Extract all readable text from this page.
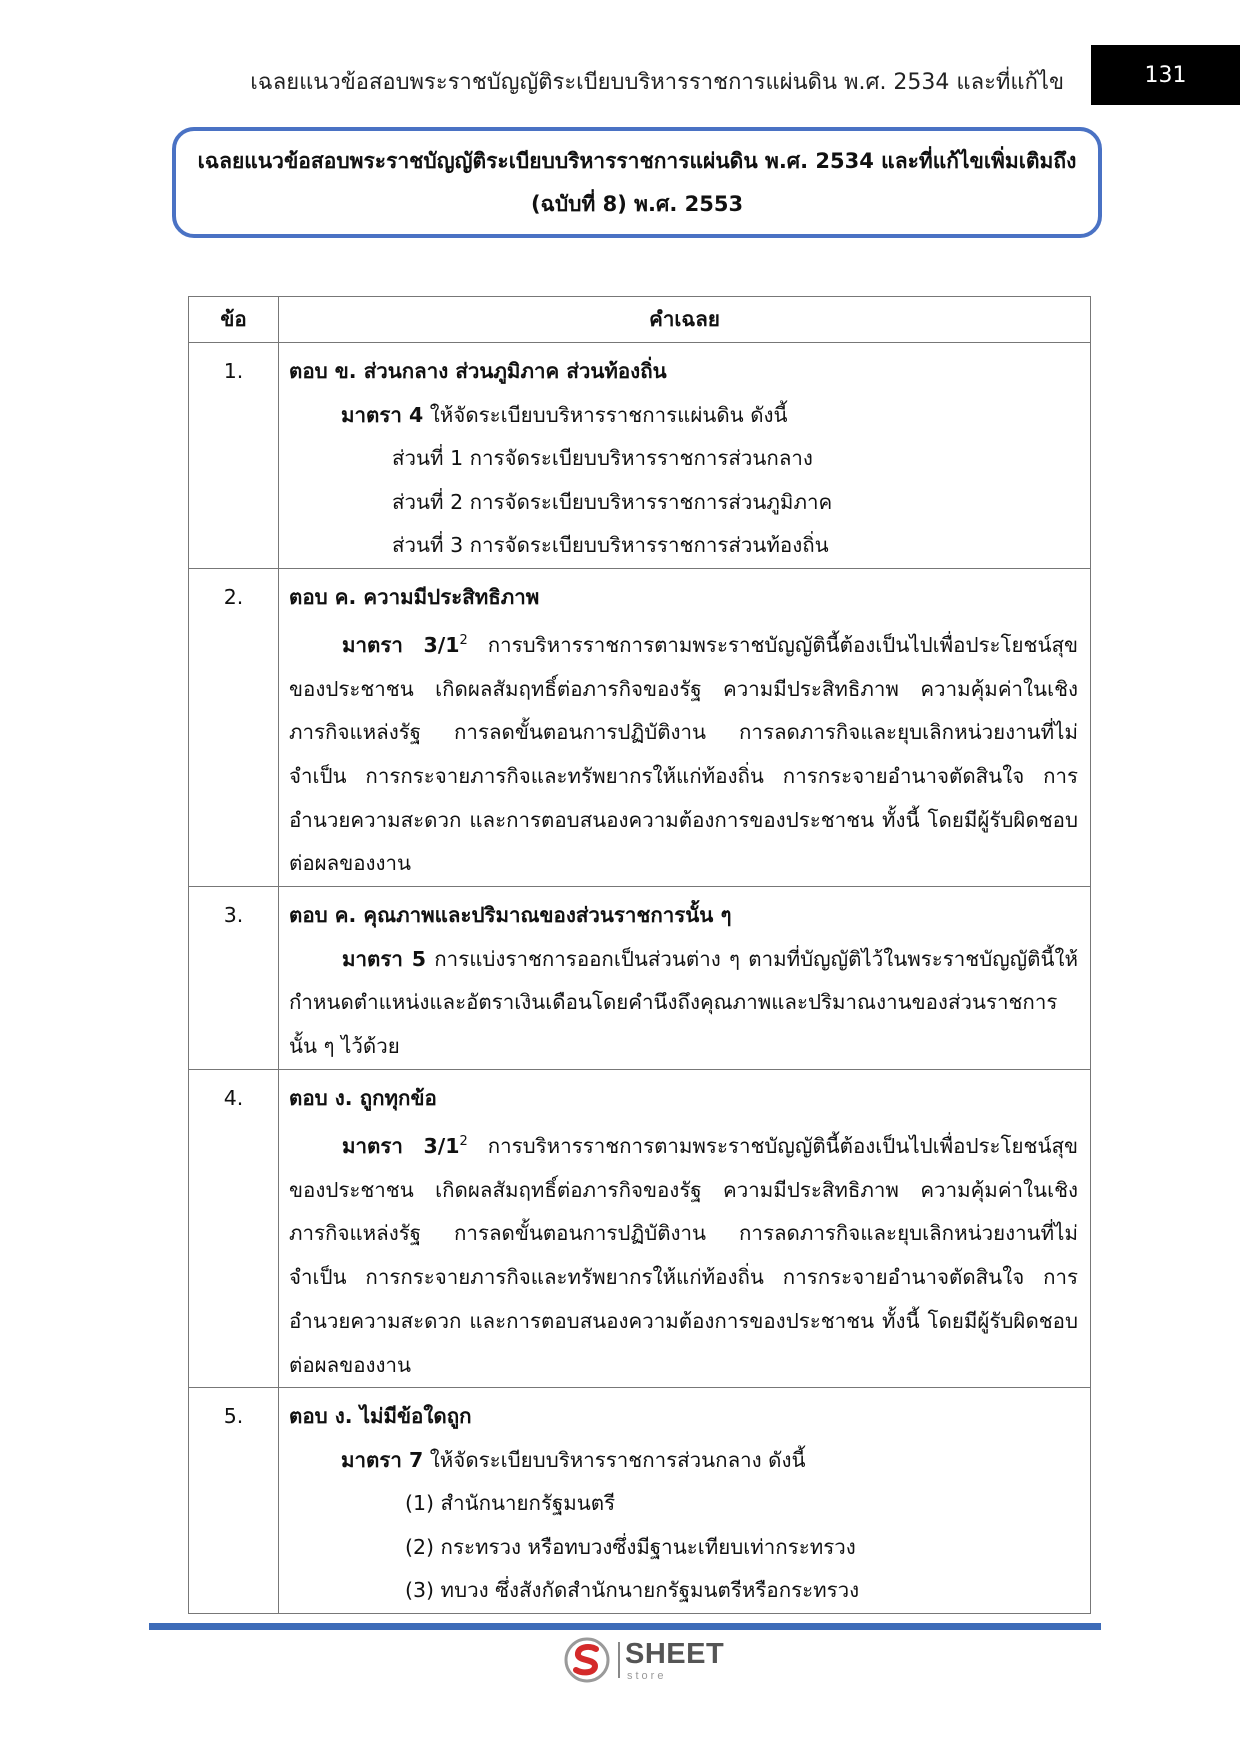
เฉลยแนวข้อสอบพระราชบัญญัติระเบียบบริหารราชการแผ่นดิน พ.ศ. 2534 และที่แก้ไข	131
เฉลยแนวข้อสอบพระราชบัญญัติระเบียบบริหารราชการแผ่นดิน พ.ศ. 2534 และที่แก้ไขเพิ่มเติมถึง
(ฉบับที่ 8) พ.ศ. 2553
ข้อ	คำเฉลย

1.	ตอบ ข. ส่วนกลาง ส่วนภูมิภาค ส่วนท้องถิ่น
มาตรา 4 ให้จัดระเบียบบริหารราชการแผ่นดิน ดังนี้
ส่วนที่ 1 การจัดระเบียบบริหารราชการส่วนกลาง
ส่วนที่ 2 การจัดระเบียบบริหารราชการส่วนภูมิภาค
ส่วนที่ 3 การจัดระเบียบบริหารราชการส่วนท้องถิ่น

2.	ตอบ ค. ความมีประสิทธิภาพ
มาตรา $3/1^2$ การบริหารราชการตามพระราชบัญญัตินี้ต้องเป็นไปเพื่อประโยชน์สุขของประชาชน เกิดผลสัมฤทธิ์ต่อภารกิจของรัฐ ความมีประสิทธิภาพ ความคุ้มค่าในเชิงภารกิจแหล่งรัฐ การลดขั้นตอนการปฏิบัติงาน การลดภารกิจและยุบเลิกหน่วยงานที่ไม่จำเป็น การกระจายภารกิจและทรัพยากรให้แก่ท้องถิ่น การกระจายอำนาจตัดสินใจ การอำนวยความสะดวก และการตอบสนองความต้องการของประชาชน ทั้งนี้ โดยมีผู้รับผิดชอบต่อผลของงาน

3.	ตอบ ค. คุณภาพและปริมาณของส่วนราชการนั้น ๆ
มาตรา 5 การแบ่งราชการออกเป็นส่วนต่าง ๆ ตามที่บัญญัติไว้ในพระราชบัญญัตินี้ให้กำหนดตำแหน่งและอัตราเงินเดือนโดยคำนึงถึงคุณภาพและปริมาณงานของส่วนราชการนั้น ๆ ไว้ด้วย

4.	ตอบ ง. ถูกทุกข้อ
มาตรา $3/1^2$ การบริหารราชการตามพระราชบัญญัตินี้ต้องเป็นไปเพื่อประโยชน์สุขของประชาชน เกิดผลสัมฤทธิ์ต่อภารกิจของรัฐ ความมีประสิทธิภาพ ความคุ้มค่าในเชิงภารกิจแหล่งรัฐ การลดขั้นตอนการปฏิบัติงาน การลดภารกิจและยุบเลิกหน่วยงานที่ไม่จำเป็น การกระจายภารกิจและทรัพยากรให้แก่ท้องถิ่น การกระจายอำนาจตัดสินใจ การอำนวยความสะดวก และการตอบสนองความต้องการของประชาชน ทั้งนี้ โดยมีผู้รับผิดชอบต่อผลของงาน

5.	ตอบ ง. ไม่มีข้อใดถูก
มาตรา 7 ให้จัดระเบียบบริหารราชการส่วนกลาง ดังนี้
(1) สำนักนายกรัฐมนตรี
(2) กระทรวง หรือทบวงซึ่งมีฐานะเทียบเท่ากระทรวง
(3) ทบวง ซึ่งสังกัดสำนักนายกรัฐมนตรีหรือกระทรวง
SHEET
store
